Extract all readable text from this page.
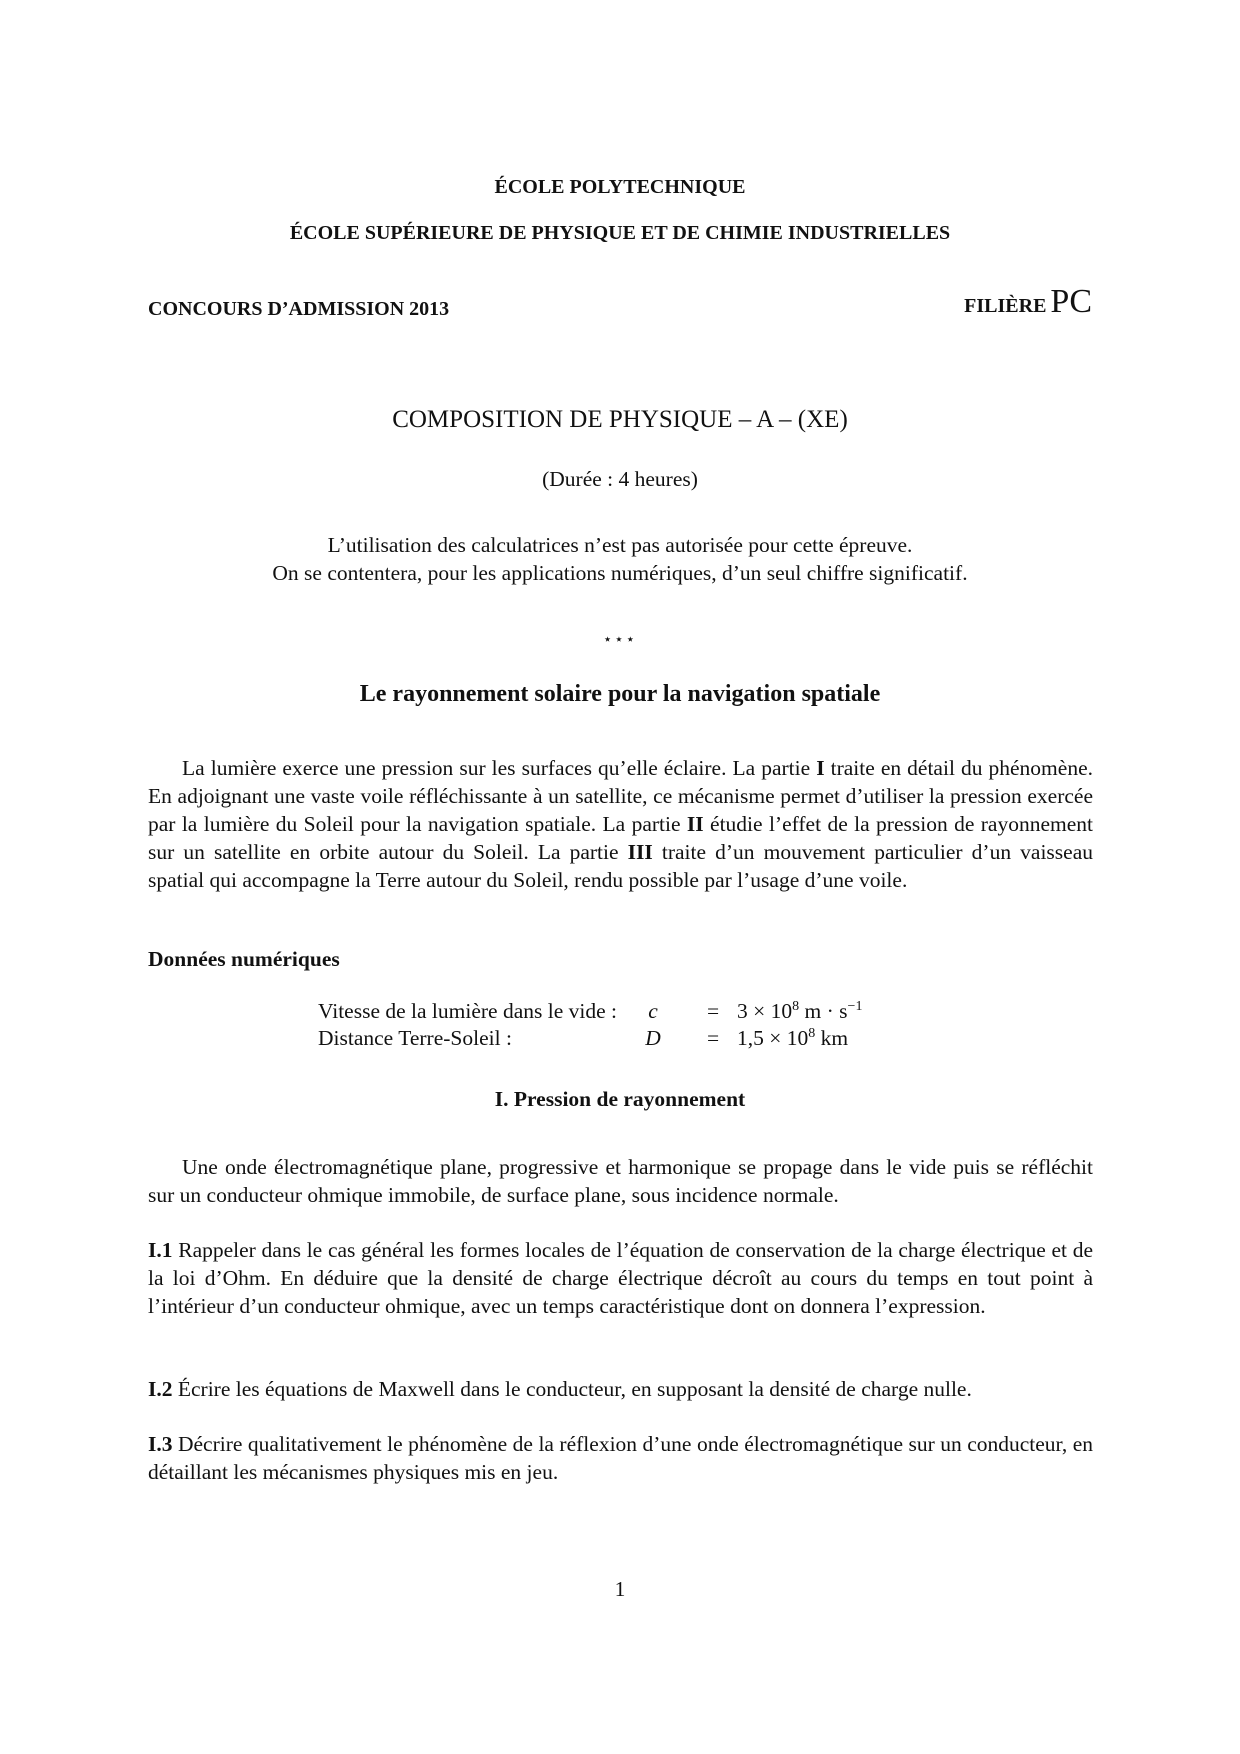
ÉCOLE POLYTECHNIQUE
ÉCOLE SUPÉRIEURE DE PHYSIQUE ET DE CHIMIE INDUSTRIELLES
CONCOURS D’ADMISSION 2013	FILIÈRE PC
COMPOSITION DE PHYSIQUE – A – (XE)
(Durée : 4 heures)
L’utilisation des calculatrices n’est pas autorisée pour cette épreuve.
On se contentera, pour les applications numériques, d’un seul chiffre significatif.
⋆⋆⋆
Le rayonnement solaire pour la navigation spatiale

La lumière exerce une pression sur les surfaces qu’elle éclaire. La partie I traite en détail du phénomène. En adjoignant une vaste voile réfléchissante à un satellite, ce mécanisme permet d’utiliser la pression exercée par la lumière du Soleil pour la navigation spatiale. La partie II étudie l’effet de la pression de rayonnement sur un satellite en orbite autour du Soleil. La partie III traite d’un mouvement particulier d’un vaisseau spatial qui accompagne la Terre autour du Soleil, rendu possible par l’usage d’une voile.

Données numériques
Vitesse de la lumière dans le vide :	c	=	$3 \times 10^8$ $m \cdot s^{-1}$
Distance Terre-Soleil :	D	=	$1,5 \times 10^8$ km
I. Pression de rayonnement

Une onde électromagnétique plane, progressive et harmonique se propage dans le vide puis se réfléchit sur un conducteur ohmique immobile, de surface plane, sous incidence normale.

I.1 Rappeler dans le cas général les formes locales de l’équation de conservation de la charge électrique et de la loi d’Ohm. En déduire que la densité de charge électrique décroît au cours du temps en tout point à l’intérieur d’un conducteur ohmique, avec un temps caractéristique dont on donnera l’expression.

I.2 Écrire les équations de Maxwell dans le conducteur, en supposant la densité de charge nulle.

I.3 Décrire qualitativement le phénomène de la réflexion d’une onde électromagnétique sur un conducteur, en détaillant les mécanismes physiques mis en jeu.

1
